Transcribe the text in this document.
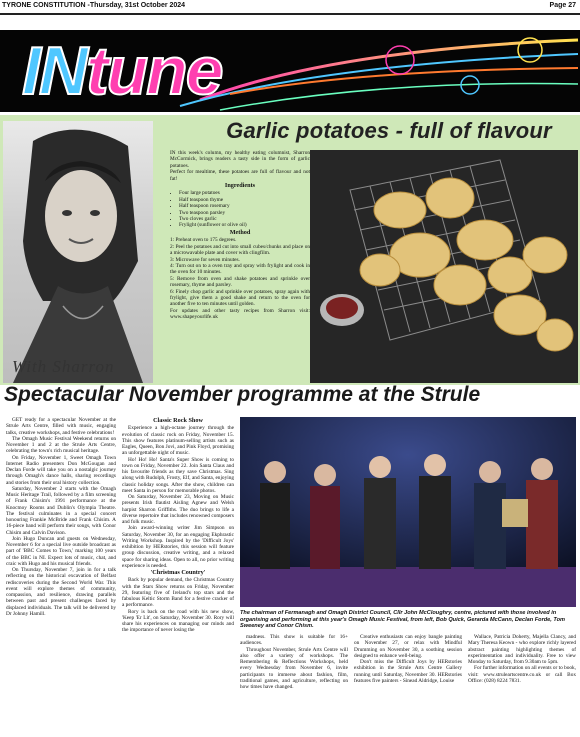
TYRONE CONSTITUTION -Thursday, 31st October 2024	Page 27
INtune
Garlic potatoes - full of flavour
With Sharron

IN this week's column, my healthy eating columnist, Sharron McCormick, brings readers a tasty side in the form of garlic potatoes.

Perfect for mealtime, these potatoes are full of flavour and not fat!

Ingredients
• Four large potatoes
• Half teaspoon thyme
• Half teaspoon rosemary
• Two teaspoon parsley
• Two cloves garlic
• Frylight (sunflower or olive oil)
Method

1: Preheat oven to 175 degrees.

2: Peel the potatoes and cut into small cubes/chunks and place on a microwavable plate and cover with clingfilm.

3: Microwave for seven minutes.

4: Turn out on to a oven tray and spray with frylight and cook in the oven for 10 minutes.

5: Remove from oven and shake potatoes and sprinkle over rosemary, thyme and parsley.

6: Finely chop garlic and sprinkle over potatoes, spray again with frylight, give them a good shake and return to the oven for another five to ten minutes until golden.

For updates and other tasty recipes from Sharron visit: www.shapeyourlife.uk

Spectacular November programme at the Strule

GET ready for a spectacular November at the Strule Arts Centre, filled with music, engaging talks, creative workshops, and festive celebrations!

The Omagh Music Festival Weekend returns on November 1 and 2 at the Strule Arts Centre, celebrating the town's rich musical heritage.

On Friday, November 1, Sweet Omagh Town Internet Radio presenters Don McGougan and Declan Forde will take you on a nostalgic journey through Omagh's dance halls, sharing recordings and stories from their oral history collection.

Saturday, November 2 starts with the Omagh Music Heritage Trail, followed by a film screening of Frank Chisim's 1991 performance at the Knocmoy Rooms and Dublin's Olympia Theatre. The festival culminates in a special concert honouring Frankie McBride and Frank Chisim. A 16-piece band will perform their songs, with Conor Chisim and Calvin Davison.

Join Hugo Duncan and guests on Wednesday, November 6 for a special live outside broadcast as part of 'BBC Comes to Town,' marking 100 years of the BBC in NI. Expect lots of music, chat, and craic with Hugo and his musical friends.

On Thursday, November 7, join in for a talk reflecting on the historical excavation of Belfast rediscoveries during the Second World War. This event will explore themes of community, compassion, and resilience, drawing parallels between past and present challenges faced by displaced individuals. The talk will be delivered by Dr Johnny Hamill.

Classic Rock Show

Experience a high-octane journey through the evolution of classic rock on Friday, November 15. This show features platinum-selling artists such as Eagles, Queen, Bon Jovi, and Pink Floyd, promising an unforgettable night of music.

Ho! Ho! Ho! Santa's Super Show is coming to town on Friday, November 22. Join Santa Claus and his favourite friends as they save Christmas. Sing along with Rudolph, Frosty, Elf, and Santa, enjoying classic holiday songs. After the show, children can meet Santa in person for memorable photos.

On Saturday, November 23, Moving on Music presents Irish flautist Aisling Agnew and Welsh harpist Sharron Griffiths. The duo brings to life a diverse repertoire that includes renowned composers and folk music.

Join award-winning writer Jim Simpson on Saturday, November 30, for an engaging Ekphrastic Writing Workshop. Inspired by the 'Difficult Joys' exhibition by HERstories, this session will feature group discussion, creative writing, and a relaxed space for sharing ideas. Open to all, no prior writing experience is needed.

'Christmas Country'

Back by popular demand, the Christmas Country with the Stars Show returns on Friday, November 29, featuring five of Ireland's top stars and the fabulous Keltic Storm Band for a festive cracker of a performance.

Rory is back on the road with his new show, 'Keep 'Er Lit', on Saturday, November 30. Rory will share his experiences on managing our minds and the importance of never losing the

The chairman of Fermanagh and Omagh District Council, Cllr John McCloughry, centre, pictured with those involved in organising and performing at this year's Omagh Music Festival, from left, Bob Quick, Gerarda McCann, Declan Forde, Tom Sweeney and Conor Chism.

madness. This show is suitable for 16+ audiences.

Throughout November, Strule Arts Centre will also offer a variety of workshops. The Remembering & Reflections Workshops, held every Wednesday from November 6, invite participants to immerse about fashion, film, traditional games, and agriculture, reflecting on how times have changed.

Creative enthusiasts can enjoy bangle painting on November 27, or relax with Mindful Drumming on November 30, a soothing session designed to enhance well-being.

Don't miss the Difficult Joys by HERstories exhibition in the Strule Arts Centre Gallery running until Saturday, November 30. HERstories features five painters - Sinead Aldridge, Louise

Wallace, Patricia Doherty, Majella Clancy, and Mary Theresa Keown - who explore richly layered abstract painting highlighting themes of experimentation and individuality. Free to view Monday to Saturday, from 9.30am to 5pm.

For further information on all events or to book, visit: www.struleartscentre.co.uk or call Box Office: (028) 8224 7831.
